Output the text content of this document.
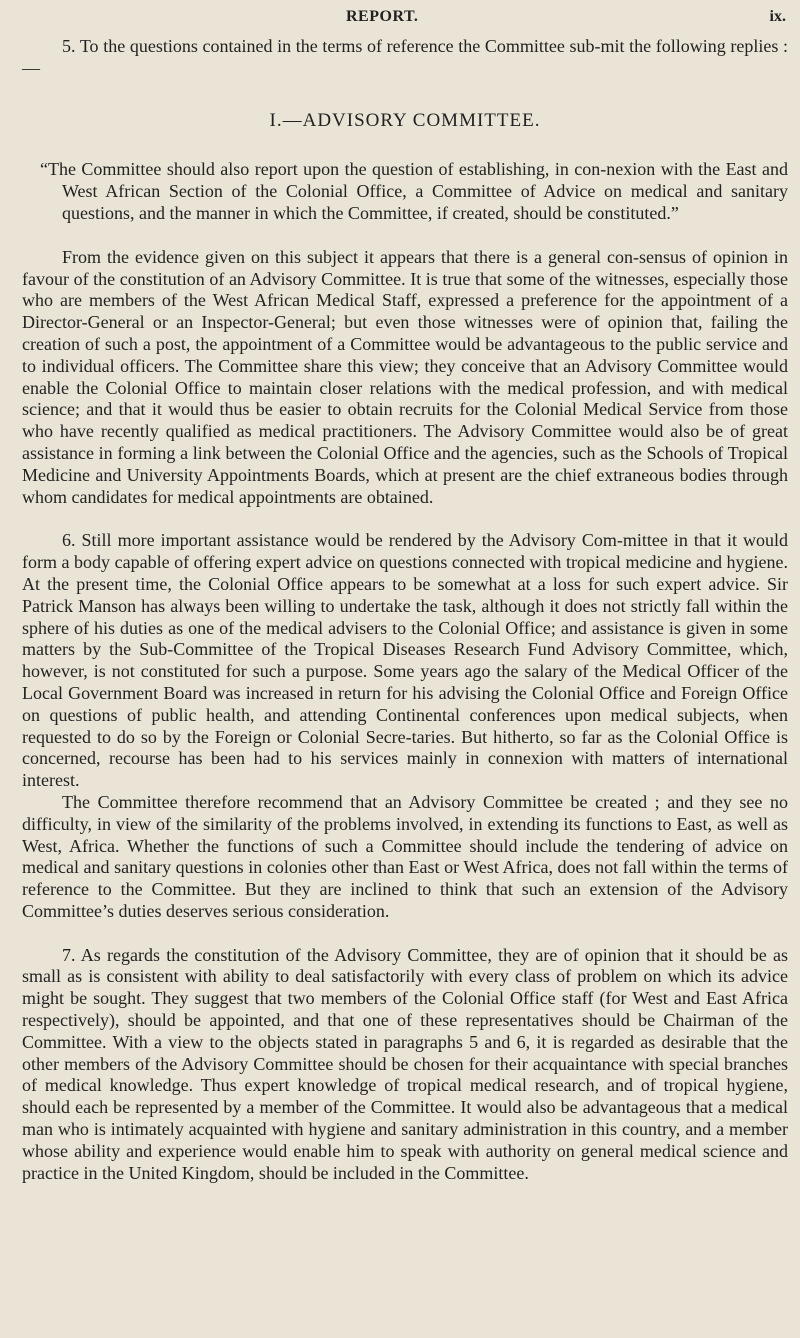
REPORT.	ix.

5. To the questions contained in the terms of reference the Committee sub-mit the following replies :—

I.—ADVISORY COMMITTEE.

“The Committee should also report upon the question of establishing, in con-nexion with the East and West African Section of the Colonial Office, a Committee of Advice on medical and sanitary questions, and the manner in which the Committee, if created, should be constituted.”

From the evidence given on this subject it appears that there is a general con-sensus of opinion in favour of the constitution of an Advisory Committee. It is true that some of the witnesses, especially those who are members of the West African Medical Staff, expressed a preference for the appointment of a Director-General or an Inspector-General; but even those witnesses were of opinion that, failing the creation of such a post, the appointment of a Committee would be advantageous to the public service and to individual officers. The Committee share this view; they conceive that an Advisory Committee would enable the Colonial Office to maintain closer relations with the medical profession, and with medical science; and that it would thus be easier to obtain recruits for the Colonial Medical Service from those who have recently qualified as medical practitioners. The Advisory Committee would also be of great assistance in forming a link between the Colonial Office and the agencies, such as the Schools of Tropical Medicine and University Appointments Boards, which at present are the chief extraneous bodies through whom candidates for medical appointments are obtained.

6. Still more important assistance would be rendered by the Advisory Com-mittee in that it would form a body capable of offering expert advice on questions connected with tropical medicine and hygiene. At the present time, the Colonial Office appears to be somewhat at a loss for such expert advice. Sir Patrick Manson has always been willing to undertake the task, although it does not strictly fall within the sphere of his duties as one of the medical advisers to the Colonial Office; and assistance is given in some matters by the Sub-Committee of the Tropical Diseases Research Fund Advisory Committee, which, however, is not constituted for such a purpose. Some years ago the salary of the Medical Officer of the Local Government Board was increased in return for his advising the Colonial Office and Foreign Office on questions of public health, and attending Continental conferences upon medical subjects, when requested to do so by the Foreign or Colonial Secre-taries. But hitherto, so far as the Colonial Office is concerned, recourse has been had to his services mainly in connexion with matters of international interest.

The Committee therefore recommend that an Advisory Committee be created ; and they see no difficulty, in view of the similarity of the problems involved, in extending its functions to East, as well as West, Africa. Whether the functions of such a Committee should include the tendering of advice on medical and sanitary questions in colonies other than East or West Africa, does not fall within the terms of reference to the Committee. But they are inclined to think that such an extension of the Advisory Committee’s duties deserves serious consideration.

7. As regards the constitution of the Advisory Committee, they are of opinion that it should be as small as is consistent with ability to deal satisfactorily with every class of problem on which its advice might be sought. They suggest that two members of the Colonial Office staff (for West and East Africa respectively), should be appointed, and that one of these representatives should be Chairman of the Committee. With a view to the objects stated in paragraphs 5 and 6, it is regarded as desirable that the other members of the Advisory Committee should be chosen for their acquaintance with special branches of medical knowledge. Thus expert knowledge of tropical medical research, and of tropical hygiene, should each be represented by a member of the Committee. It would also be advantageous that a medical man who is intimately acquainted with hygiene and sanitary administration in this country, and a member whose ability and experience would enable him to speak with authority on general medical science and practice in the United Kingdom, should be included in the Committee.
